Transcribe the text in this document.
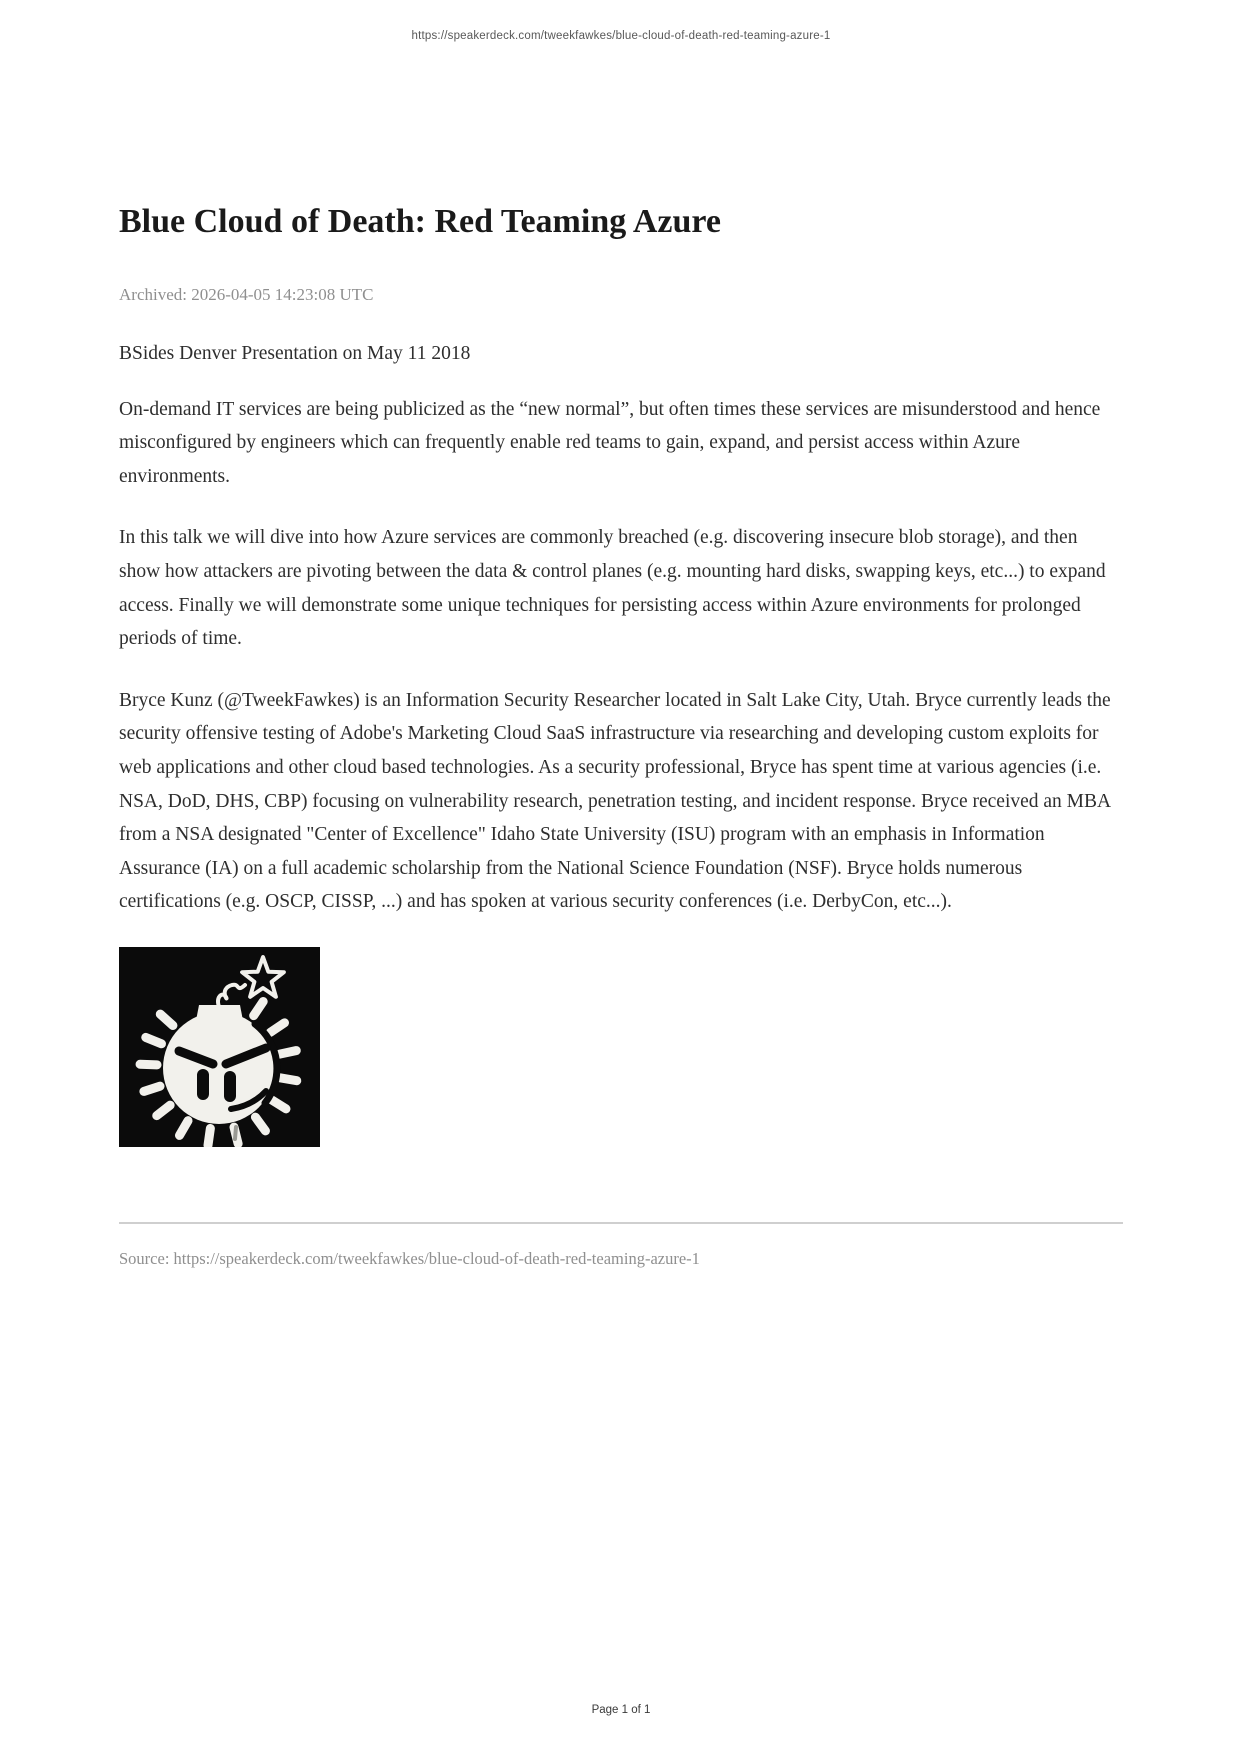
https://speakerdeck.com/tweekfawkes/blue-cloud-of-death-red-teaming-azure-1
Blue Cloud of Death: Red Teaming Azure
Archived: 2026-04-05 14:23:08 UTC

BSides Denver Presentation on May 11 2018

On-demand IT services are being publicized as the “new normal”, but often times these services are misunderstood and hence misconfigured by engineers which can frequently enable red teams to gain, expand, and persist access within Azure environments.

In this talk we will dive into how Azure services are commonly breached (e.g. discovering insecure blob storage), and then show how attackers are pivoting between the data & control planes (e.g. mounting hard disks, swapping keys, etc...) to expand access. Finally we will demonstrate some unique techniques for persisting access within Azure environments for prolonged periods of time.

Bryce Kunz (@TweekFawkes) is an Information Security Researcher located in Salt Lake City, Utah. Bryce currently leads the security offensive testing of Adobe's Marketing Cloud SaaS infrastructure via researching and developing custom exploits for web applications and other cloud based technologies. As a security professional, Bryce has spent time at various agencies (i.e. NSA, DoD, DHS, CBP) focusing on vulnerability research, penetration testing, and incident response. Bryce received an MBA from a NSA designated "Center of Excellence" Idaho State University (ISU) program with an emphasis in Information Assurance (IA) on a full academic scholarship from the National Science Foundation (NSF). Bryce holds numerous certifications (e.g. OSCP, CISSP, ...) and has spoken at various security conferences (i.e. DerbyCon, etc...).

Source: https://speakerdeck.com/tweekfawkes/blue-cloud-of-death-red-teaming-azure-1
Page 1 of 1
